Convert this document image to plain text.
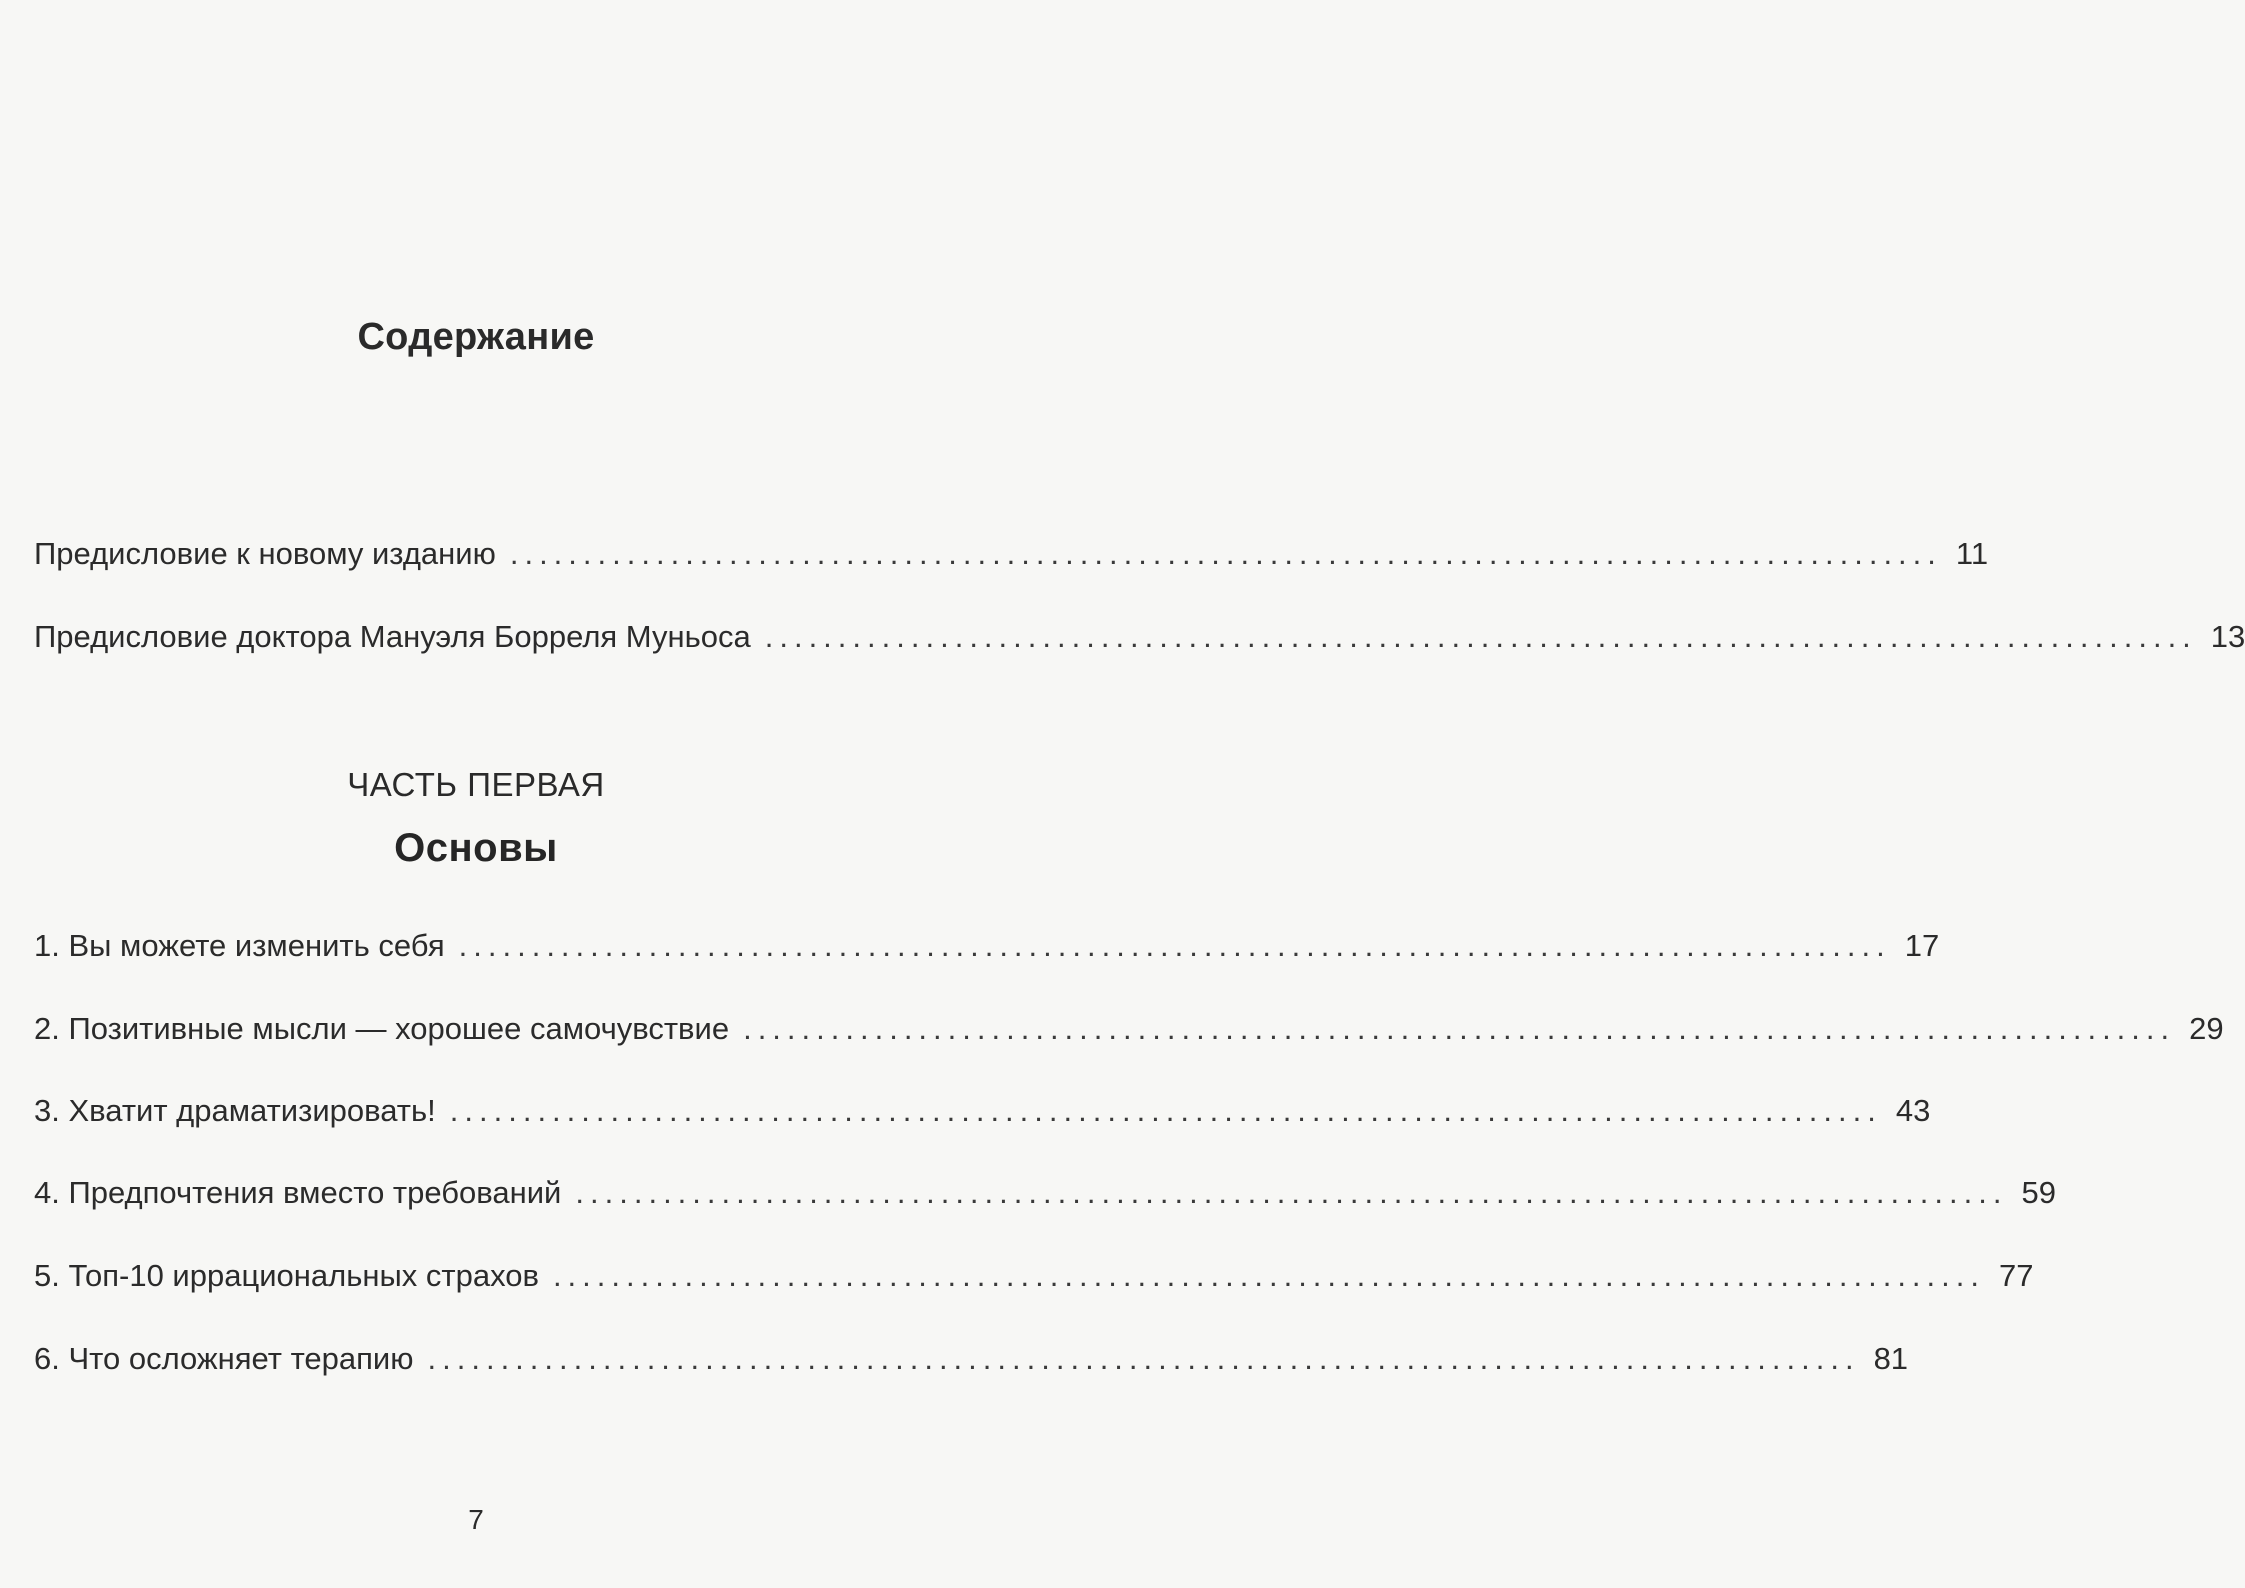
Содержание
Предисловие к новому изданию .................................................................................................. 11
Предисловие доктора Мануэля Борреля Муньоса .................................................................................................. 13
ЧАСТЬ ПЕРВАЯ
Основы
1. Вы можете изменить себя .................................................................................................. 17
2. Позитивные мысли — хорошее самочувствие .................................................................................................. 29
3. Хватит драматизировать! .................................................................................................. 43
4. Предпочтения вместо требований .................................................................................................. 59
5. Топ-10 иррациональных страхов .................................................................................................. 77
6. Что осложняет терапию .................................................................................................. 81
7
